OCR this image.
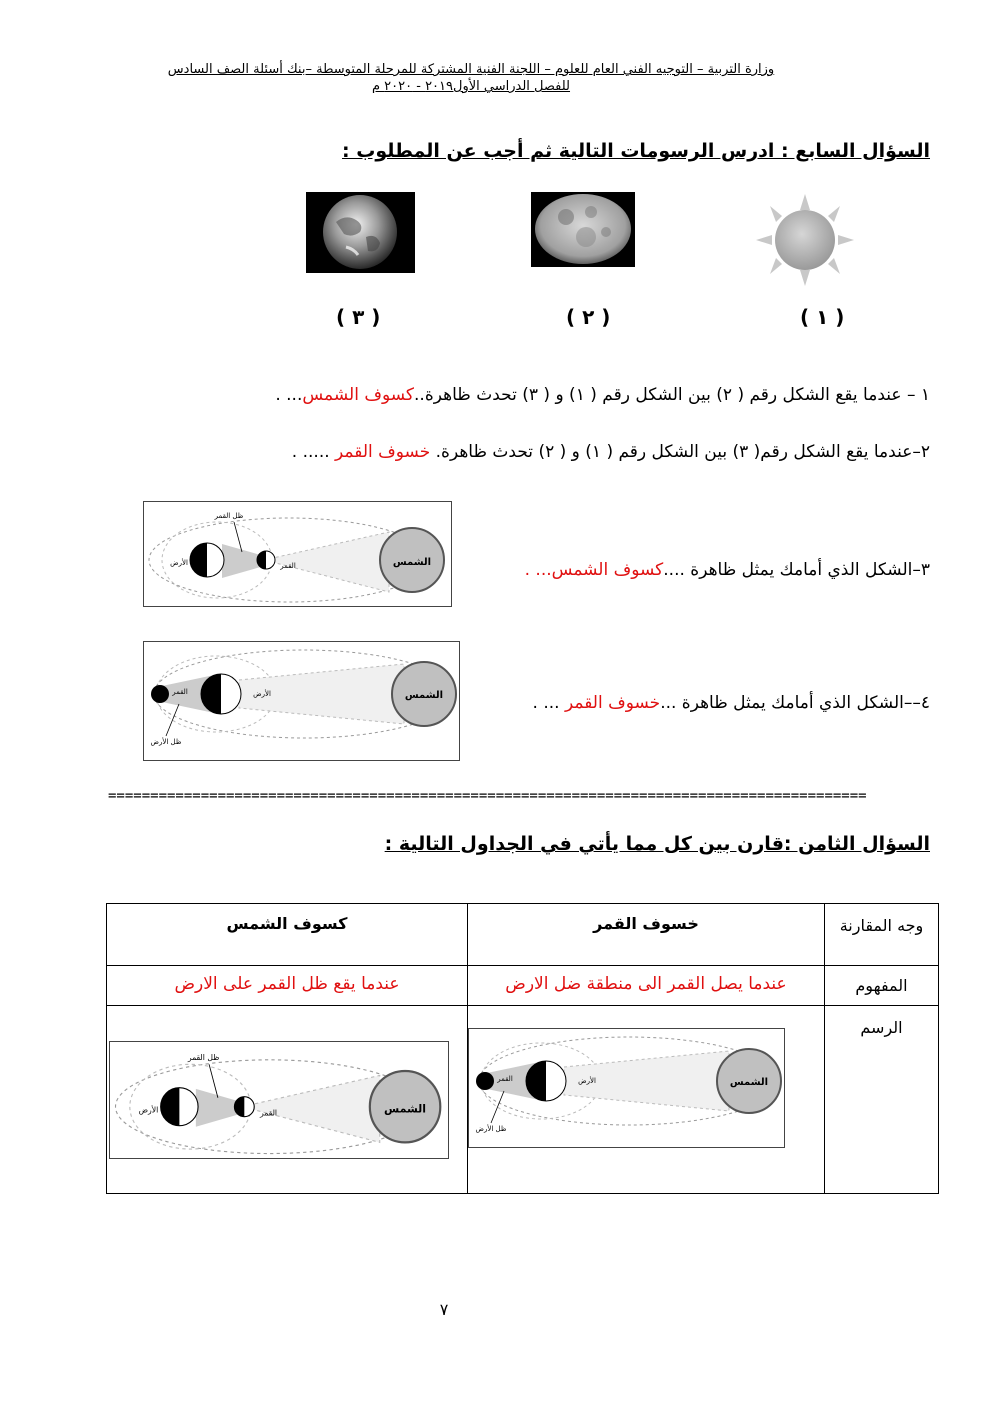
وزارة التربية – التوجيه الفني العام للعلوم – اللجنة الفنية المشتركة للمرحلة المتوسطة –بنك أسئلة الصف السادس
للفصل الدراسي الأول٢٠١٩ - ٢٠٢٠ م
السؤال السابع : ادرس الرسومات التالية ثم أجب عن المطلوب :
( ٣ )	( ٢ )	( ١ )
١ – عندما يقع الشكل رقم ( ٢) بين الشكل رقم ( ١) و ( ٣) تحدث ظاهرة..كسوف الشمس... .
٢–عندما يقع الشكل رقم( ٣) بين الشكل رقم ( ١) و ( ٢) تحدث ظاهرة. خسوف القمر ..... .
٣–الشكل الذي أمامك يمثل ظاهرة ....كسوف الشمس... .
٤––الشكل الذي أمامك يمثل ظاهرة ...خسوف القمر ... .
الشمس
الأرض	القمر
ظل القمر
الشمس
القمر	الأرض
ظل الأرض
==========================================================================================
السؤال الثامن :قارن بين كل مما يأتي في الجداول التالية :
وجه المقارنة	خسوف القمر	كسوف الشمس
المفهوم	عندما يصل القمر الى منطقة ضل الارض	عندما يقع ظل القمر على الارض
الرسم	الشمس
القمر الأرض
ظل الأرض	الشمس
الأرض القمر
ظل القمر
٧
